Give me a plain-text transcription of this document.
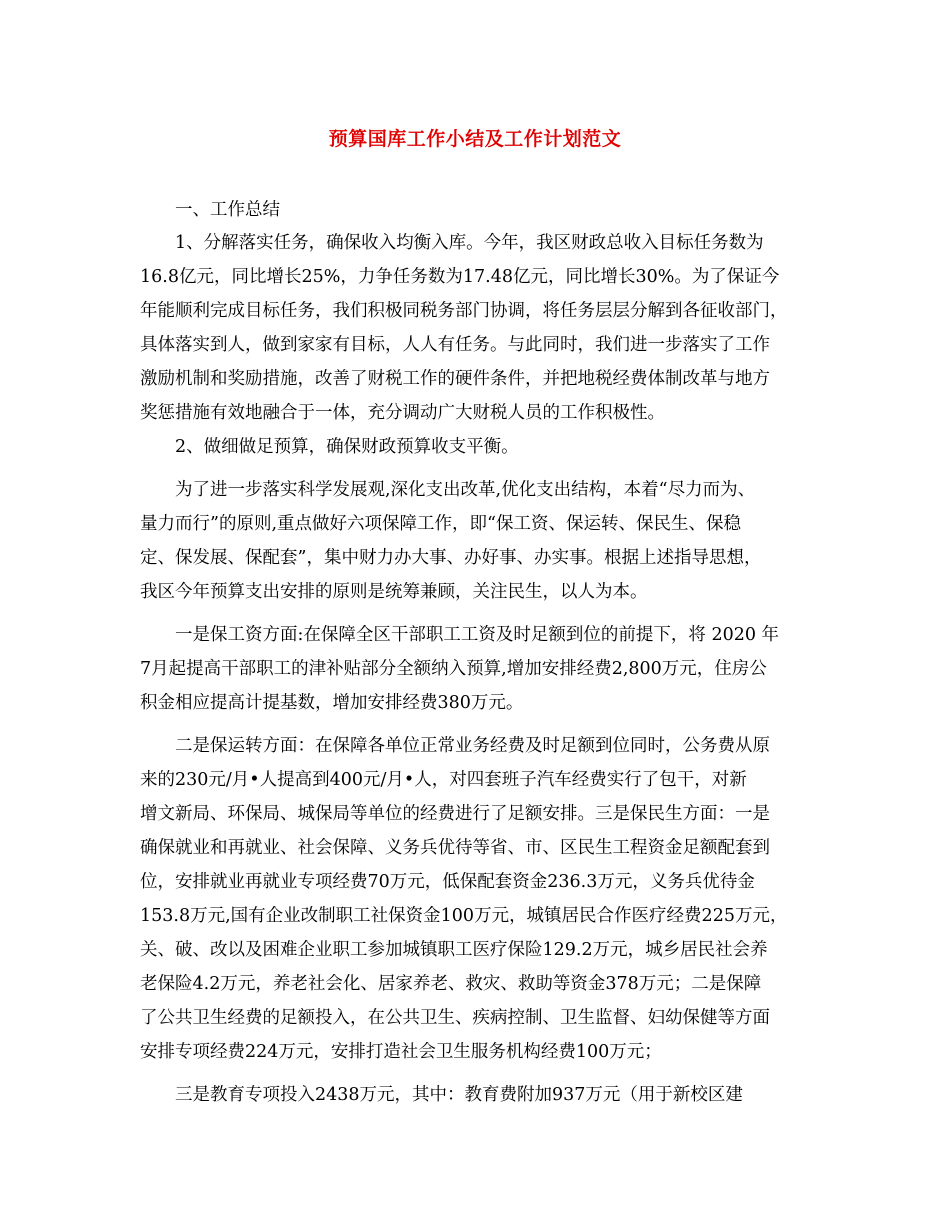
预算国库工作小结及工作计划范文
一、工作总结
1、分解落实任务，确保收入均衡入库。今年，我区财政总收入目标任务数为
16.8亿元，同比增长25%，力争任务数为17.48亿元，同比增长30%。为了保证今
年能顺利完成目标任务，我们积极同税务部门协调，将任务层层分解到各征收部门，
具体落实到人，做到家家有目标，人人有任务。与此同时，我们进一步落实了工作
激励机制和奖励措施，改善了财税工作的硬件条件，并把地税经费体制改革与地方
奖惩措施有效地融合于一体，充分调动广大财税人员的工作积极性。
2、做细做足预算，确保财政预算收支平衡。
为了进一步落实科学发展观,深化支出改革,优化支出结构，本着“尽力而为、
量力而行”的原则,重点做好六项保障工作，即“保工资、保运转、保民生、保稳
定、保发展、保配套”，集中财力办大事、办好事、办实事。根据上述指导思想，
我区今年预算支出安排的原则是统筹兼顾，关注民生，以人为本。
一是保工资方面:在保障全区干部职工工资及时足额到位的前提下，将 2020 年
7月起提高干部职工的津补贴部分全额纳入预算,增加安排经费2,800万元，住房公
积金相应提高计提基数，增加安排经费380万元。
二是保运转方面：在保障各单位正常业务经费及时足额到位同时，公务费从原
来的230元/月•人提高到400元/月•人，对四套班子汽车经费实行了包干，对新
增文新局、环保局、城保局等单位的经费进行了足额安排。三是保民生方面：一是
确保就业和再就业、社会保障、义务兵优待等省、市、区民生工程资金足额配套到
位，安排就业再就业专项经费70万元，低保配套资金236.3万元，义务兵优待金
153.8万元,国有企业改制职工社保资金100万元，城镇居民合作医疗经费225万元，
关、破、改以及困难企业职工参加城镇职工医疗保险129.2万元，城乡居民社会养
老保险4.2万元，养老社会化、居家养老、救灾、救助等资金378万元；二是保障
了公共卫生经费的足额投入，在公共卫生、疾病控制、卫生监督、妇幼保健等方面
安排专项经费224万元，安排打造社会卫生服务机构经费100万元；
三是教育专项投入2438万元，其中：教育费附加937万元（用于新校区建
